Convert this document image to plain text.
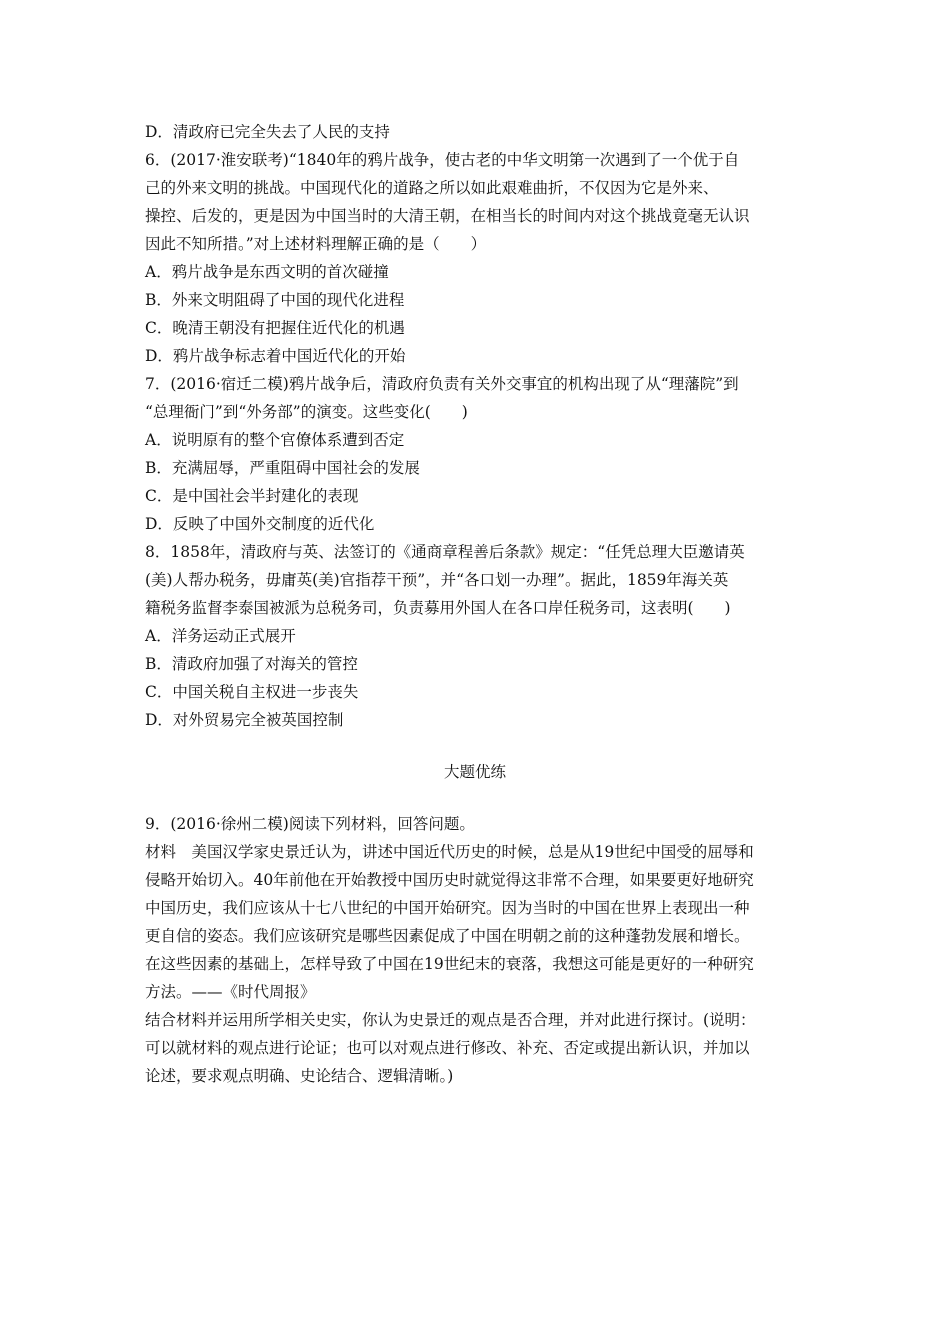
D．清政府已完全失去了人民的支持
6．(2017·淮安联考)“1840年的鸦片战争，使古老的中华文明第一次遇到了一个优于自
己的外来文明的挑战。中国现代化的道路之所以如此艰难曲折，不仅因为它是外来、
操控、后发的，更是因为中国当时的大清王朝，在相当长的时间内对这个挑战竟毫无认识
因此不知所措。”对上述材料理解正确的是（　　）
A．鸦片战争是东西文明的首次碰撞
B．外来文明阻碍了中国的现代化进程
C．晚清王朝没有把握住近代化的机遇
D．鸦片战争标志着中国近代化的开始
7．(2016·宿迁二模)鸦片战争后，清政府负责有关外交事宜的机构出现了从“理藩院”到
“总理衙门”到“外务部”的演变。这些变化(　　)
A．说明原有的整个官僚体系遭到否定
B．充满屈辱，严重阻碍中国社会的发展
C．是中国社会半封建化的表现
D．反映了中国外交制度的近代化
8．1858年，清政府与英、法签订的《通商章程善后条款》规定：“任凭总理大臣邀请英
(美)人帮办税务，毋庸英(美)官指荐干预”，并“各口划一办理”。据此，1859年海关英
籍税务监督李泰国被派为总税务司，负责募用外国人在各口岸任税务司，这表明(　　)
A．洋务运动正式展开
B．清政府加强了对海关的管控
C．中国关税自主权进一步丧失
D．对外贸易完全被英国控制
大题优练
9．(2016·徐州二模)阅读下列材料，回答问题。
材料　美国汉学家史景迁认为，讲述中国近代历史的时候，总是从19世纪中国受的屈辱和
侵略开始切入。40年前他在开始教授中国历史时就觉得这非常不合理，如果要更好地研究
中国历史，我们应该从十七八世纪的中国开始研究。因为当时的中国在世界上表现出一种
更自信的姿态。我们应该研究是哪些因素促成了中国在明朝之前的这种蓬勃发展和增长。
在这些因素的基础上，怎样导致了中国在19世纪末的衰落，我想这可能是更好的一种研究
方法。——《时代周报》
结合材料并运用所学相关史实，你认为史景迁的观点是否合理，并对此进行探讨。(说明：
可以就材料的观点进行论证；也可以对观点进行修改、补充、否定或提出新认识，并加以
论述，要求观点明确、史论结合、逻辑清晰。)
